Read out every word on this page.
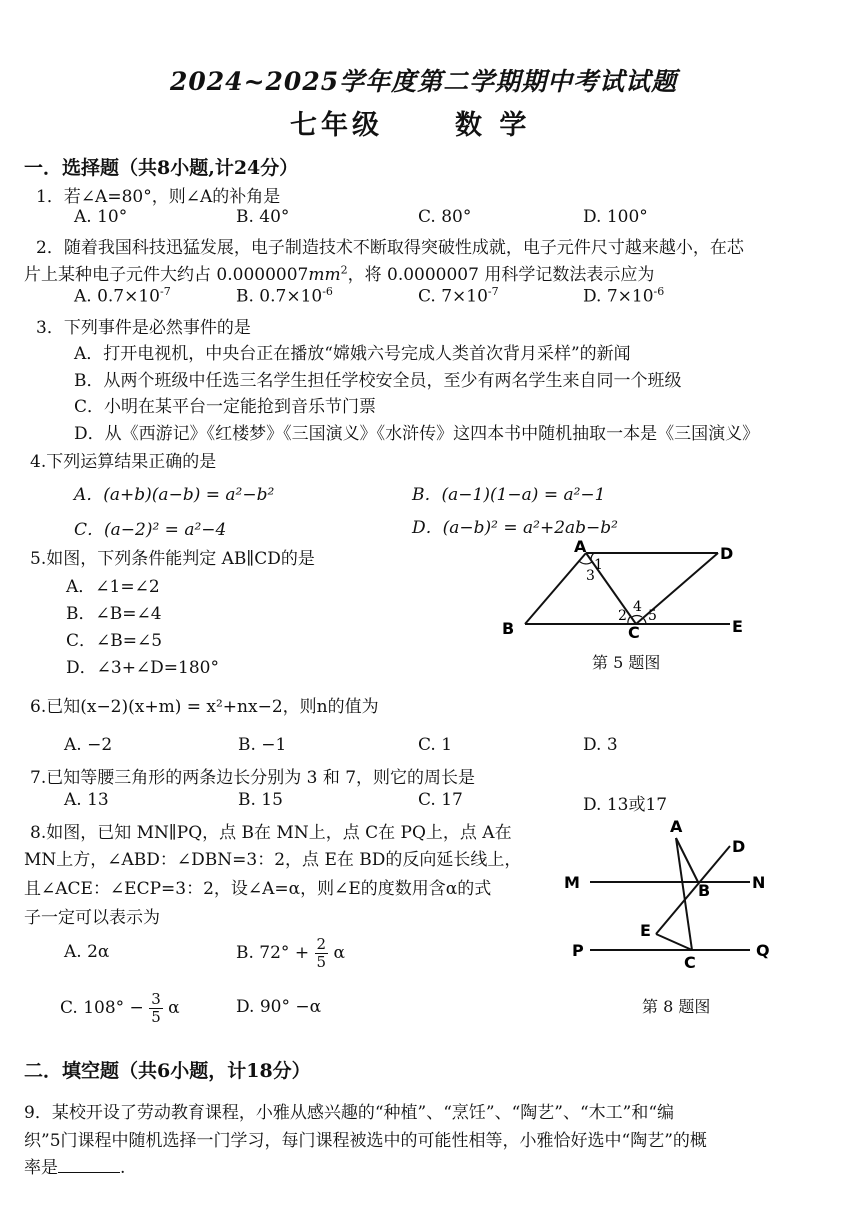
2024~2025学年度第二学期期中考试试题
七年级	数 学
一．选择题（共8小题,计24分）
1．若∠A=80°，则∠A的补角是
A. 10°	B. 40°	C. 80°	D. 100°
2．随着我国科技迅猛发展，电子制造技术不断取得突破性成就，电子元件尺寸越来越小，在芯
片上某种电子元件大约占 $0.0000007mm^2$，将 0.0000007 用科学记数法表示应为
A. $0.7\times 10^{-7}$	B. $0.7\times 10^{-6}$	C. $7\times 10^{-7}$	D. $7\times 10^{-6}$
3．下列事件是必然事件的是
A．打开电视机，中央台正在播放“嫦娥六号完成人类首次背月采样”的新闻
B．从两个班级中任选三名学生担任学校安全员，至少有两名学生来自同一个班级
C．小明在某平台一定能抢到音乐节门票
D．从《西游记》《红楼梦》《三国演义》《水浒传》这四本书中随机抽取一本是《三国演义》
4.下列运算结果正确的是
A．(a+b)(a−b) = a²−b²	B．(a−1)(1−a) = a²−1
C．(a−2)² = a²−4	D．(a−b)² = a²+2ab−b²
5.如图，下列条件能判定 AB∥CD的是
A．∠1=∠2
B．∠B=∠4
C．∠B=∠5
D．∠3+∠D=180°
A	D
B	C	E
1
3
2
4
5
第 5 题图
6.已知(x−2)(x+m) = x²+nx−2，则n的值为
A. −2	B. −1	C. 1	D. 3
7.已知等腰三角形的两条边长分别为 3 和 7，则它的周长是
A. 13	B. 15	C. 17	D. 13或17
8.如图，已知 MN∥PQ，点 B在 MN上，点 C在 PQ上，点 A在
MN上方，∠ABD：∠DBN=3：2，点 E在 BD的反向延长线上，
且∠ACE：∠ECP=3：2，设∠A=α，则∠E的度数用含α的式
子一定可以表示为
A. 2α	B. $72^\circ + \frac{2}{5}$ α
C. $108^\circ - \frac{3}{5}$ α	D. 90° −α
A
D
M	B	N
E
P
C
Q
第 8 题图
二．填空题（共6小题，计18分）
9．某校开设了劳动教育课程，小雅从感兴趣的“种植”、“烹饪”、“陶艺”、“木工”和“编
织”5门课程中随机选择一门学习，每门课程被选中的可能性相等，小雅恰好选中“陶艺”的概
率是	.
